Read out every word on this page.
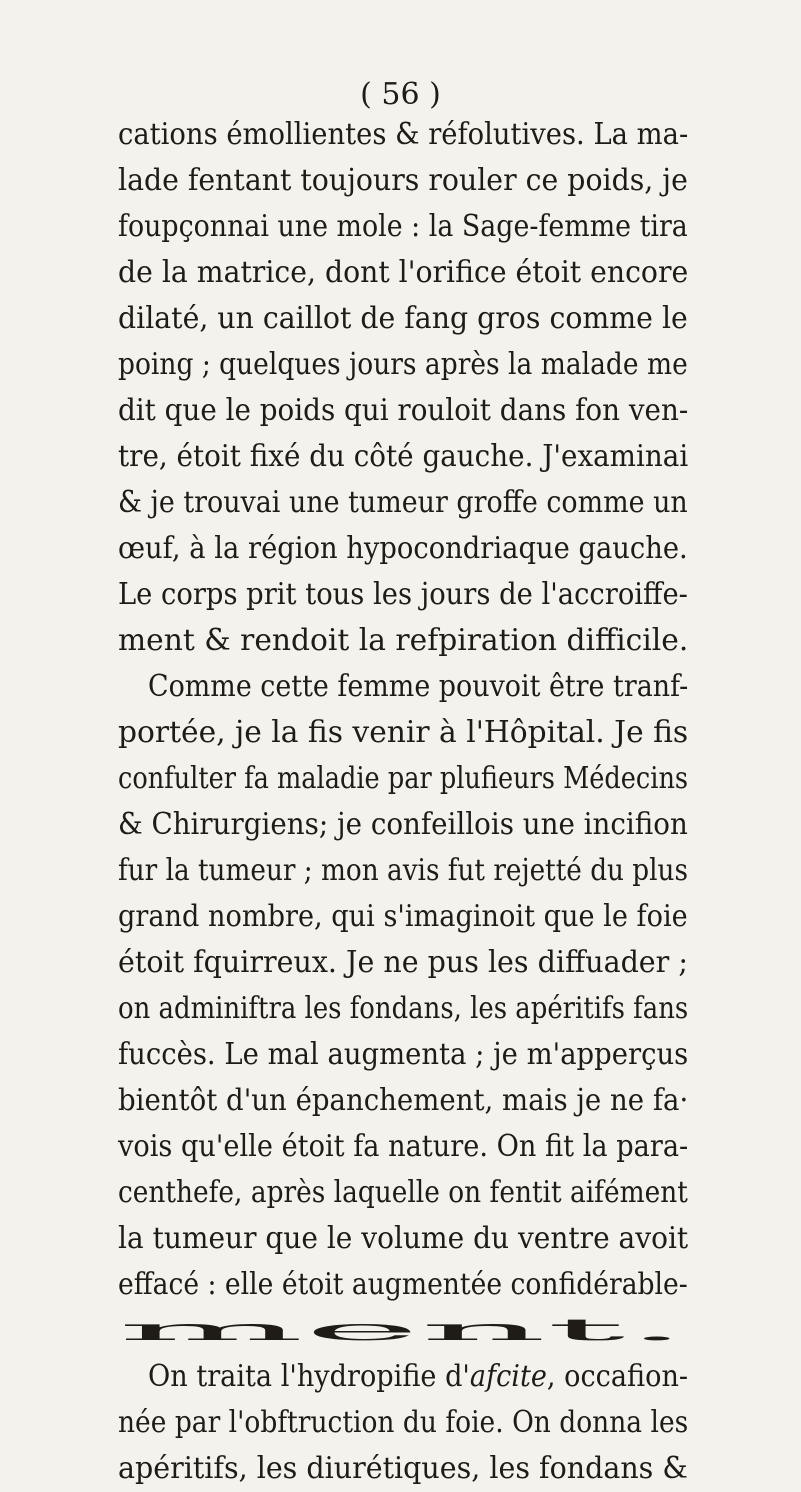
( 56 )
cations émollientes & réfolutives. La ma-
lade fentant toujours rouler ce poids, je
foupçonnai une mole : la Sage-femme tira
de la matrice, dont l'orifice étoit encore
dilaté, un caillot de fang gros comme le
poing ; quelques jours après la malade me
dit que le poids qui rouloit dans fon ven-
tre, étoit fixé du côté gauche. J'examinai
& je trouvai une tumeur groffe comme un
œuf, à la région hypocondriaque gauche.
Le corps prit tous les jours de l'accroiffe-
ment & rendoit la refpiration difficile.
Comme cette femme pouvoit être tranf-
portée, je la fis venir à l'Hôpital. Je fis
confulter fa maladie par plufieurs Médecins
& Chirurgiens; je confeillois une incifion
fur la tumeur ; mon avis fut rejetté du plus
grand nombre, qui s'imaginoit que le foie
étoit fquirreux. Je ne pus les diffuader ;
on adminiftra les fondans, les apéritifs fans
fuccès. Le mal augmenta ; je m'apperçus
bientôt d'un épanchement, mais je ne fa·
vois qu'elle étoit fa nature. On fit la para-
centhefe, après laquelle on fentit aifément
la tumeur que le volume du ventre avoit
effacé : elle étoit augmentée confidérable-
ment.
On traita l'hydropifie d'afcite, occafion-
née par l'obftruction du foie. On donna les
apéritifs, les diurétiques, les fondans &
